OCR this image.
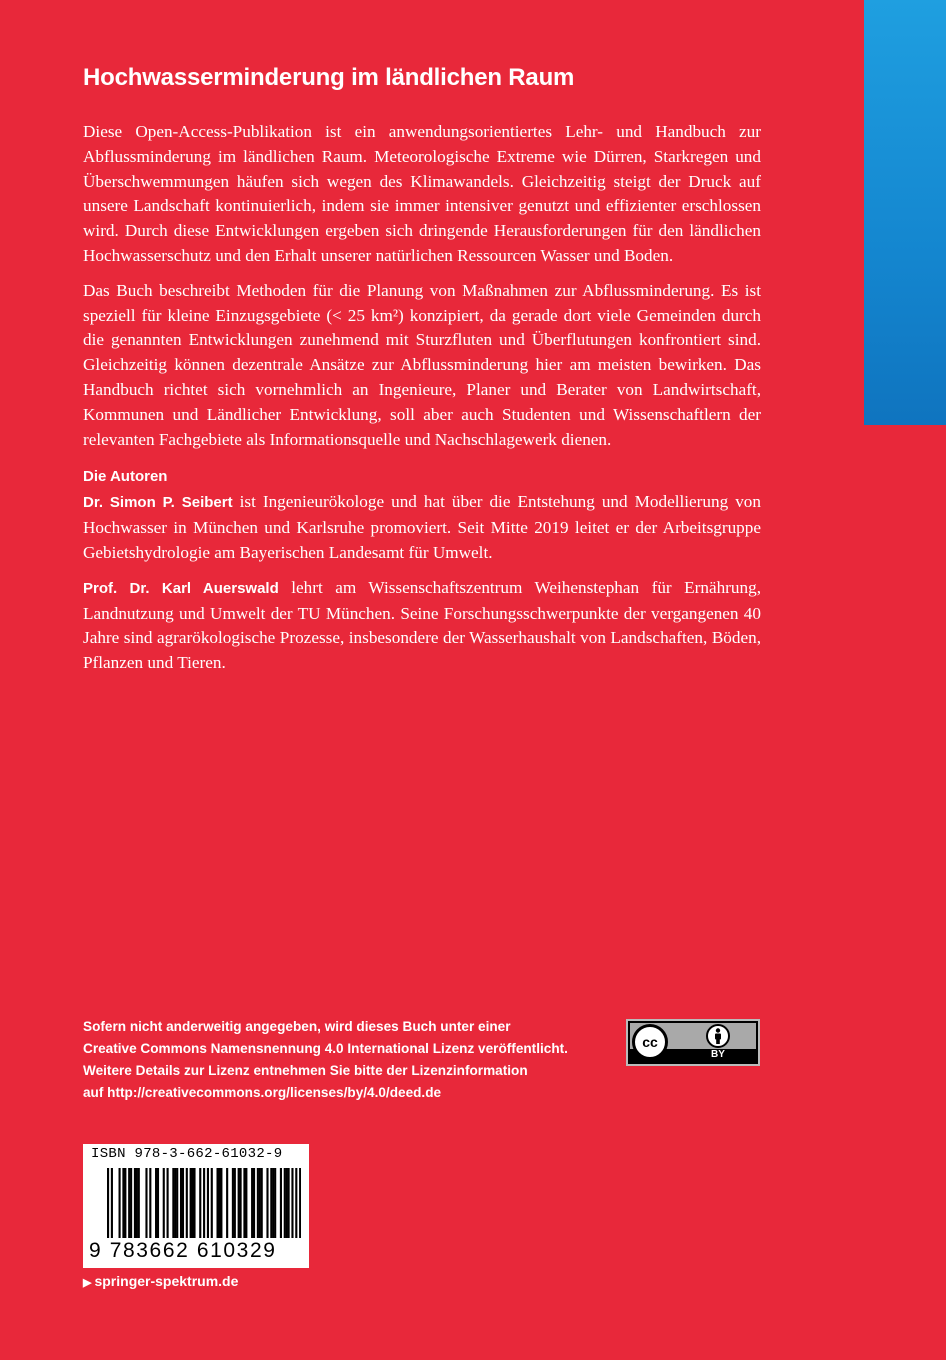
Hochwasserminderung im ländlichen Raum

Diese Open-Access-Publikation ist ein anwendungsorientiertes Lehr- und Handbuch zur Abflussminderung im ländlichen Raum. Meteorologische Extreme wie Dürren, Starkregen und Überschwemmungen häufen sich wegen des Klimawandels. Gleichzeitig steigt der Druck auf unsere Landschaft kontinuierlich, indem sie immer intensiver genutzt und effizienter erschlossen wird. Durch diese Entwicklungen ergeben sich dringende Herausforderungen für den ländlichen Hochwasserschutz und den Erhalt unserer natürlichen Ressourcen Wasser und Boden.

Das Buch beschreibt Methoden für die Planung von Maßnahmen zur Abflussminderung. Es ist speziell für kleine Einzugsgebiete (< 25 km²) konzipiert, da gerade dort viele Gemeinden durch die genannten Entwicklungen zunehmend mit Sturzfluten und Überflutungen konfrontiert sind. Gleichzeitig können dezentrale Ansätze zur Abflussminderung hier am meisten bewirken. Das Handbuch richtet sich vornehmlich an Ingenieure, Planer und Berater von Landwirtschaft, Kommunen und Ländlicher Entwicklung, soll aber auch Studenten und Wissenschaftlern der relevanten Fachgebiete als Informationsquelle und Nachschlagewerk dienen.

Die Autoren

Dr. Simon P. Seibert ist Ingenieurökologe und hat über die Entstehung und Modellierung von Hochwasser in München und Karlsruhe promoviert. Seit Mitte 2019 leitet er der Arbeitsgruppe Gebietshydrologie am Bayerischen Landesamt für Umwelt.

Prof. Dr. Karl Auerswald lehrt am Wissenschaftszentrum Weihenstephan für Ernährung, Landnutzung und Umwelt der TU München. Seine Forschungsschwerpunkte der vergangenen 40 Jahre sind agrarökologische Prozesse, insbesondere der Wasserhaushalt von Landschaften, Böden, Pflanzen und Tieren.

Sofern nicht anderweitig angegeben, wird dieses Buch unter einer
Creative Commons Namensnennung 4.0 International Lizenz veröffentlicht.
Weitere Details zur Lizenz entnehmen Sie bitte der Lizenzinformation
auf http://creativecommons.org/licenses/by/4.0/deed.de
cc
BY
ISBN 978-3-662-61032-9
9 783662 610329
▶ springer-spektrum.de
